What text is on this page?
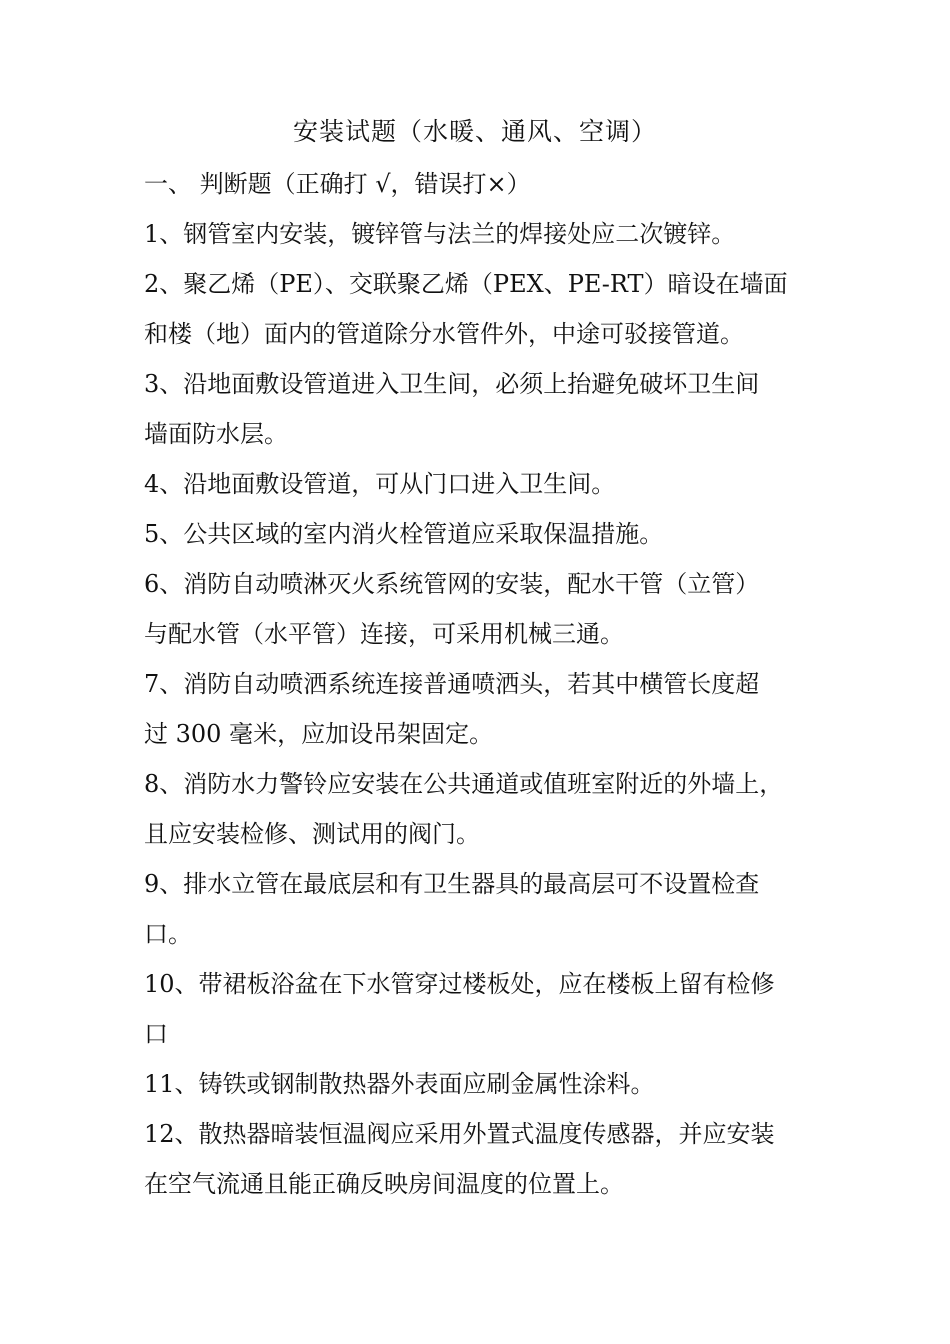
安装试题（水暖、通风、空调）
一、 判断题（正确打 √，错误打×）
1、钢管室内安装，镀锌管与法兰的焊接处应二次镀锌。
2、聚乙烯（PE）、交联聚乙烯（PEX、PE-RT）暗设在墙面
和楼（地）面内的管道除分水管件外，中途可驳接管道。
3、沿地面敷设管道进入卫生间，必须上抬避免破坏卫生间
墙面防水层。
4、沿地面敷设管道，可从门口进入卫生间。
5、公共区域的室内消火栓管道应采取保温措施。
6、消防自动喷淋灭火系统管网的安装，配水干管（立管）
与配水管（水平管）连接，可采用机械三通。
7、消防自动喷洒系统连接普通喷洒头，若其中横管长度超
过 300 毫米，应加设吊架固定。
8、消防水力警铃应安装在公共通道或值班室附近的外墙上，
且应安装检修、测试用的阀门。
9、排水立管在最底层和有卫生器具的最高层可不设置检查
口。
10、带裙板浴盆在下水管穿过楼板处，应在楼板上留有检修
口
11、铸铁或钢制散热器外表面应刷金属性涂料。
12、散热器暗装恒温阀应采用外置式温度传感器，并应安装
在空气流通且能正确反映房间温度的位置上。
